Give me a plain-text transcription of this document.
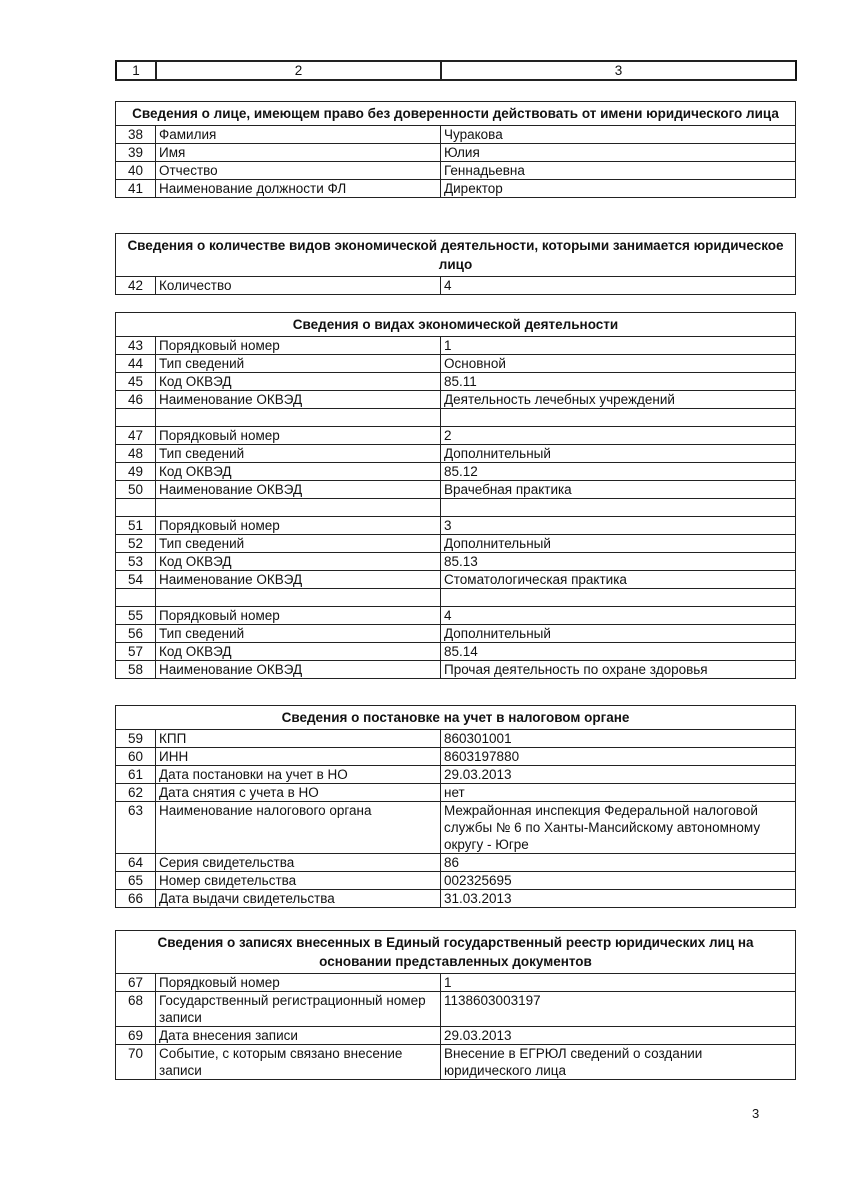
1	2	3
Сведения о лице, имеющем право без доверенности действовать от имени юридического лица		
38	Фамилия	Чуракова
39	Имя	Юлия
40	Отчество	Геннадьевна
41	Наименование должности ФЛ	Директор
Сведения о количестве видов экономической деятельности, которыми занимается юридическое лицо
42	Количество	4
Сведения о видах экономической деятельности		
43	Порядковый номер	1
44	Тип сведений	Основной
45	Код ОКВЭД	85.11
46	Наименование ОКВЭД	Деятельность лечебных учреждений

47	Порядковый номер	2
48	Тип сведений	Дополнительный
49	Код ОКВЭД	85.12
50	Наименование ОКВЭД	Врачебная практика

51	Порядковый номер	3
52	Тип сведений	Дополнительный
53	Код ОКВЭД	85.13
54	Наименование ОКВЭД	Стоматологическая практика

55	Порядковый номер	4
56	Тип сведений	Дополнительный
57	Код ОКВЭД	85.14
58	Наименование ОКВЭД	Прочая деятельность по охране здоровья
Сведения о постановке на учет в налоговом органе		
59	КПП	860301001
60	ИНН	8603197880
61	Дата постановки на учет в НО	29.03.2013
62	Дата снятия с учета в НО	нет
63	Наименование налогового органа	Межрайонная инспекция Федеральной налоговой службы № 6 по Ханты-Мансийскому автономному округу - Югре
64	Серия свидетельства	86
65	Номер свидетельства	002325695
66	Дата выдачи свидетельства	31.03.2013
Сведения о записях внесенных в Единый государственный реестр юридических лиц на основании представленных документов		
67	Порядковый номер	1
68	Государственный регистрационный номер записи	1138603003197
69	Дата внесения записи	29.03.2013
70	Событие, с которым связано внесение записи	Внесение в ЕГРЮЛ сведений о создании юридического лица
3
